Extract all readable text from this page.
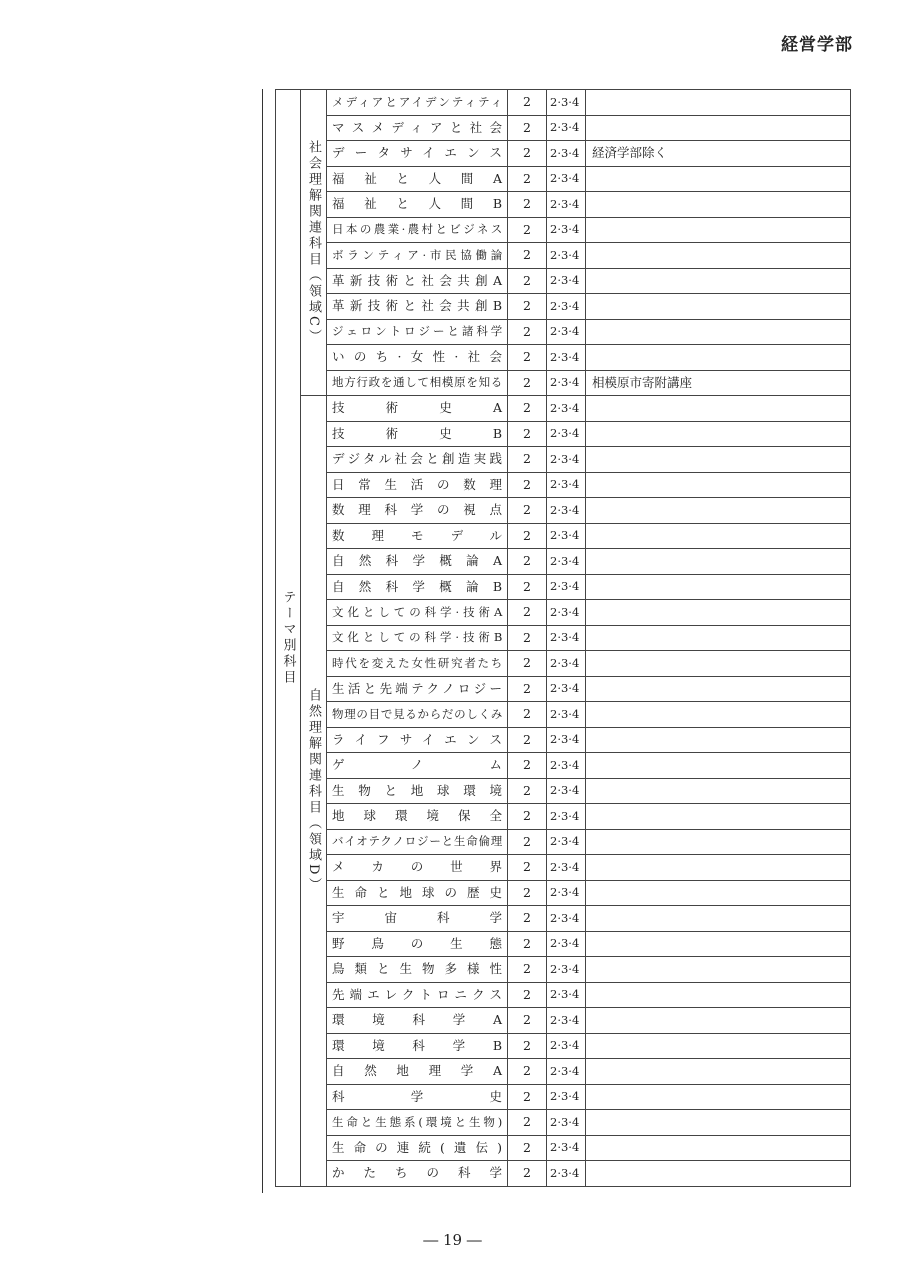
経営学部
テーマ別科目	社会理解関連科目（領域C）	メディアとアイデンティティ	2	2·3·4	
		マスメディアと社会	2	2·3·4	
		データサイエンス	2	2·3·4	経済学部除く
		福祉と人間A	2	2·3·4	
		福祉と人間B	2	2·3·4	
		日本の農業·農村とビジネス	2	2·3·4	
		ボランティア·市民協働論	2	2·3·4	
		革新技術と社会共創A	2	2·3·4	
		革新技術と社会共創B	2	2·3·4	
		ジェロントロジーと諸科学	2	2·3·4	
		いのち·女性·社会	2	2·3·4	
		地方行政を通して相模原を知る	2	2·3·4	相模原市寄附講座
	自然理解関連科目（領域D）	技術史A	2	2·3·4	
		技術史B	2	2·3·4	
		デジタル社会と創造実践	2	2·3·4	
		日常生活の数理	2	2·3·4	
		数理科学の視点	2	2·3·4	
		数理モデル	2	2·3·4	
		自然科学概論A	2	2·3·4	
		自然科学概論B	2	2·3·4	
		文化としての科学·技術A	2	2·3·4	
		文化としての科学·技術B	2	2·3·4	
		時代を変えた女性研究者たち	2	2·3·4	
		生活と先端テクノロジー	2	2·3·4	
		物理の目で見るからだのしくみ	2	2·3·4	
		ライフサイエンス	2	2·3·4	
		ゲノム	2	2·3·4	
		生物と地球環境	2	2·3·4	
		地球環境保全	2	2·3·4	
		バイオテクノロジーと生命倫理	2	2·3·4	
		メカの世界	2	2·3·4	
		生命と地球の歴史	2	2·3·4	
		宇宙科学	2	2·3·4	
		野鳥の生態	2	2·3·4	
		鳥類と生物多様性	2	2·3·4	
		先端エレクトロニクス	2	2·3·4	
		環境科学A	2	2·3·4	
		環境科学B	2	2·3·4	
		自然地理学A	2	2·3·4	
		科学史	2	2·3·4	
		生命と生態系(環境と生物)	2	2·3·4	
		生命の連続(遺伝)	2	2·3·4	
		かたちの科学	2	2·3·4	
― 19 ―
